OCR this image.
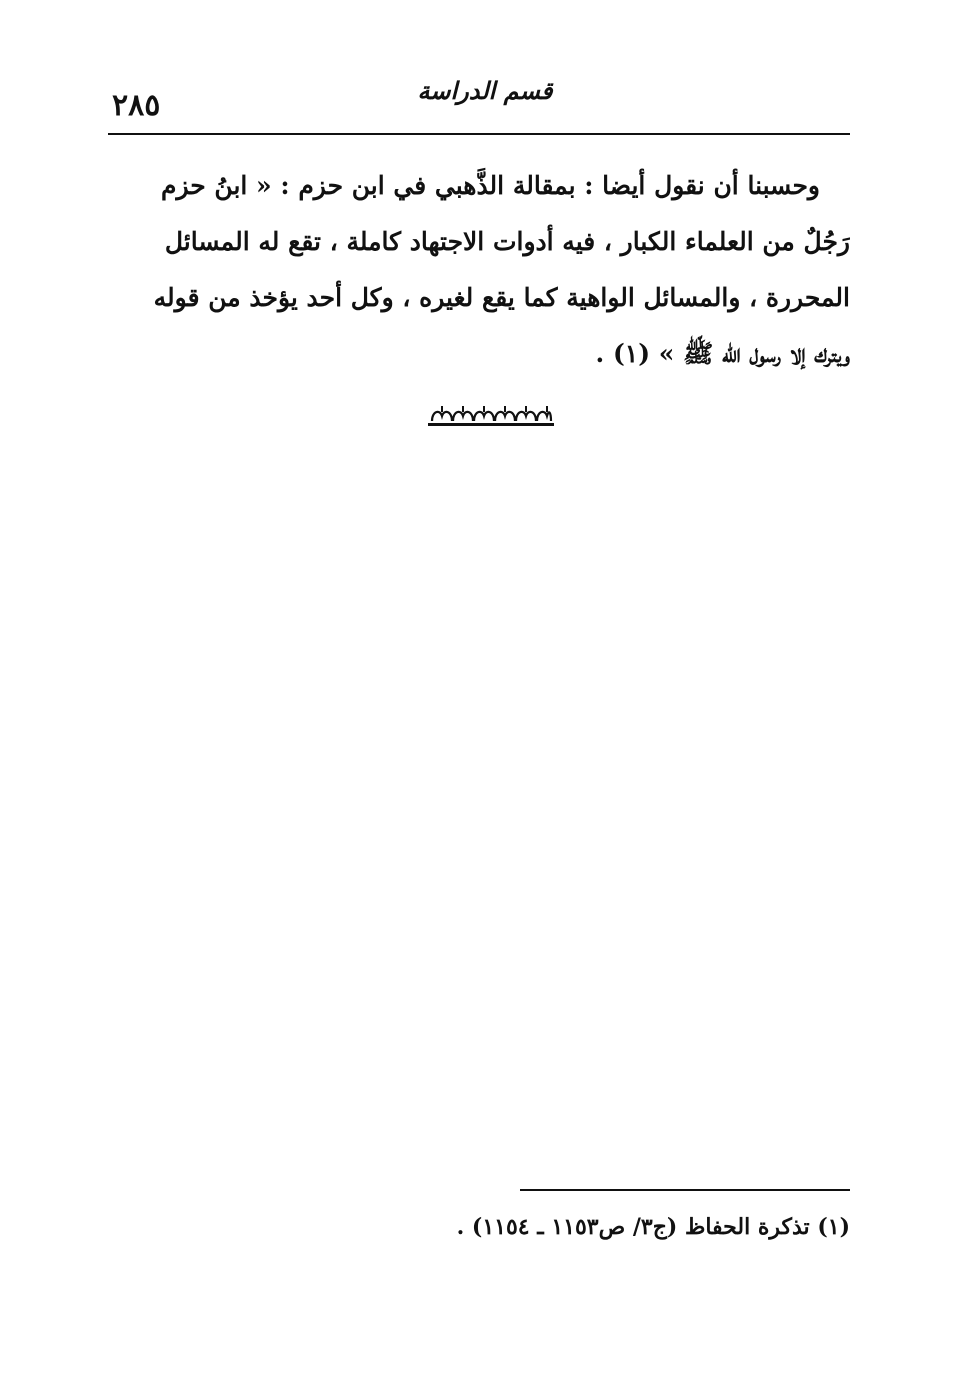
٢٨٥	قسم الدراسة
وحسبنا أن نقول أيضا : بمقالة الذَّهبي في ابن حزم : « ابنُ حزم
رَجُلٌ من العلماء الكبار ، فيه أدوات الاجتهاد كاملة ، تقع له المسائل
المحررة ، والمسائل الواهية كما يقع لغيره ، وكل أحد يؤخذ من قوله
ويترك إلا رسول الله ﷺ » (١) .
(١) تذكرة الحفاظ (ج٣/ ص١١٥٣ ـ ١١٥٤) .
